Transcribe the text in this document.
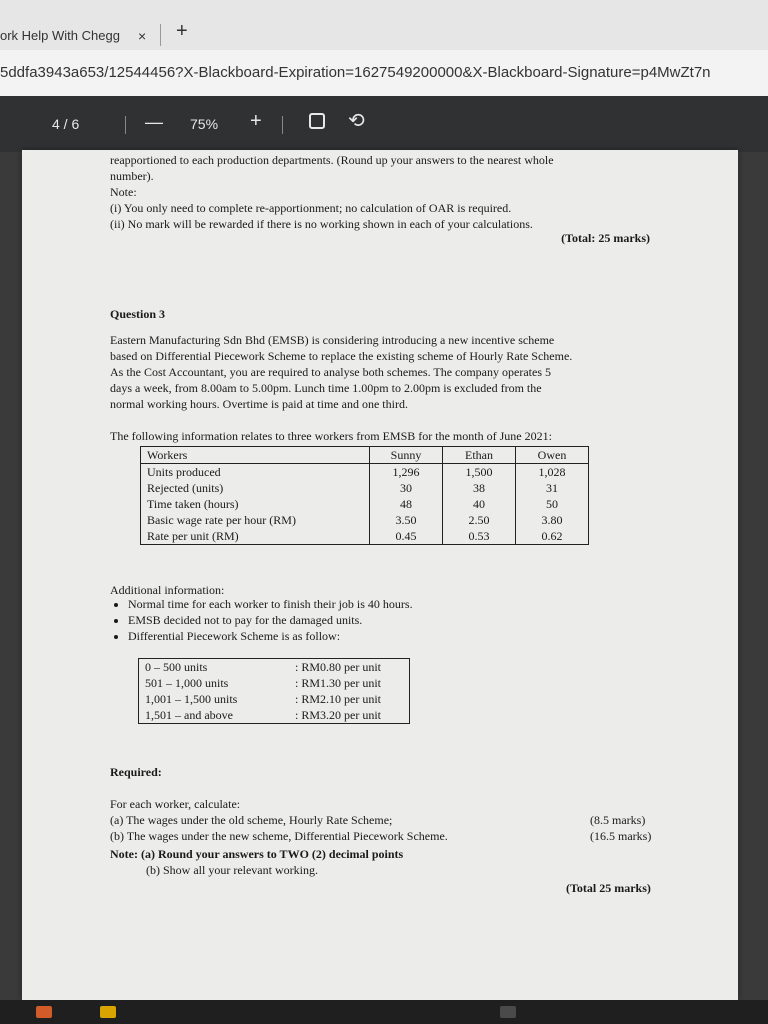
ork Help With Chegg × +
5ddfa3943a653/12544456?X-Blackboard-Expiration=1627549200000&X-Blackboard-Signature=p4MwZt7n
4 / 6	— 75% +	⟲
reapportioned to each production departments. (Round up your answers to the nearest whole
number).
Note:
(i) You only need to complete re-apportionment; no calculation of OAR is required.
(ii) No mark will be rewarded if there is no working shown in each of your calculations.
(Total: 25 marks)
Question 3
Eastern Manufacturing Sdn Bhd (EMSB) is considering introducing a new incentive scheme
based on Differential Piecework Scheme to replace the existing scheme of Hourly Rate Scheme.
As the Cost Accountant, you are required to analyse both schemes. The company operates 5
days a week, from 8.00am to 5.00pm. Lunch time 1.00pm to 2.00pm is excluded from the
normal working hours. Overtime is paid at time and one third.
The following information relates to three workers from EMSB for the month of June 2021:
Workers	Sunny	Ethan	Owen
Units produced	1,296	1,500	1,028
Rejected (units)	30	38	31
Time taken (hours)	48	40	50
Basic wage rate per hour (RM)	3.50	2.50	3.80
Rate per unit (RM)	0.45	0.53	0.62
Additional information:
• Normal time for each worker to finish their job is 40 hours.
• EMSB decided not to pay for the damaged units.
• Differential Piecework Scheme is as follow:
0 – 500 units	: RM0.80 per unit
501 – 1,000 units	: RM1.30 per unit
1,001 – 1,500 units	: RM2.10 per unit
1,501 – and above	: RM3.20 per unit
Required:
For each worker, calculate:
(a) The wages under the old scheme, Hourly Rate Scheme;	(8.5 marks)
(b) The wages under the new scheme, Differential Piecework Scheme.	(16.5 marks)
Note: (a) Round your answers to TWO (2) decimal points
(b) Show all your relevant working.
(Total 25 marks)
